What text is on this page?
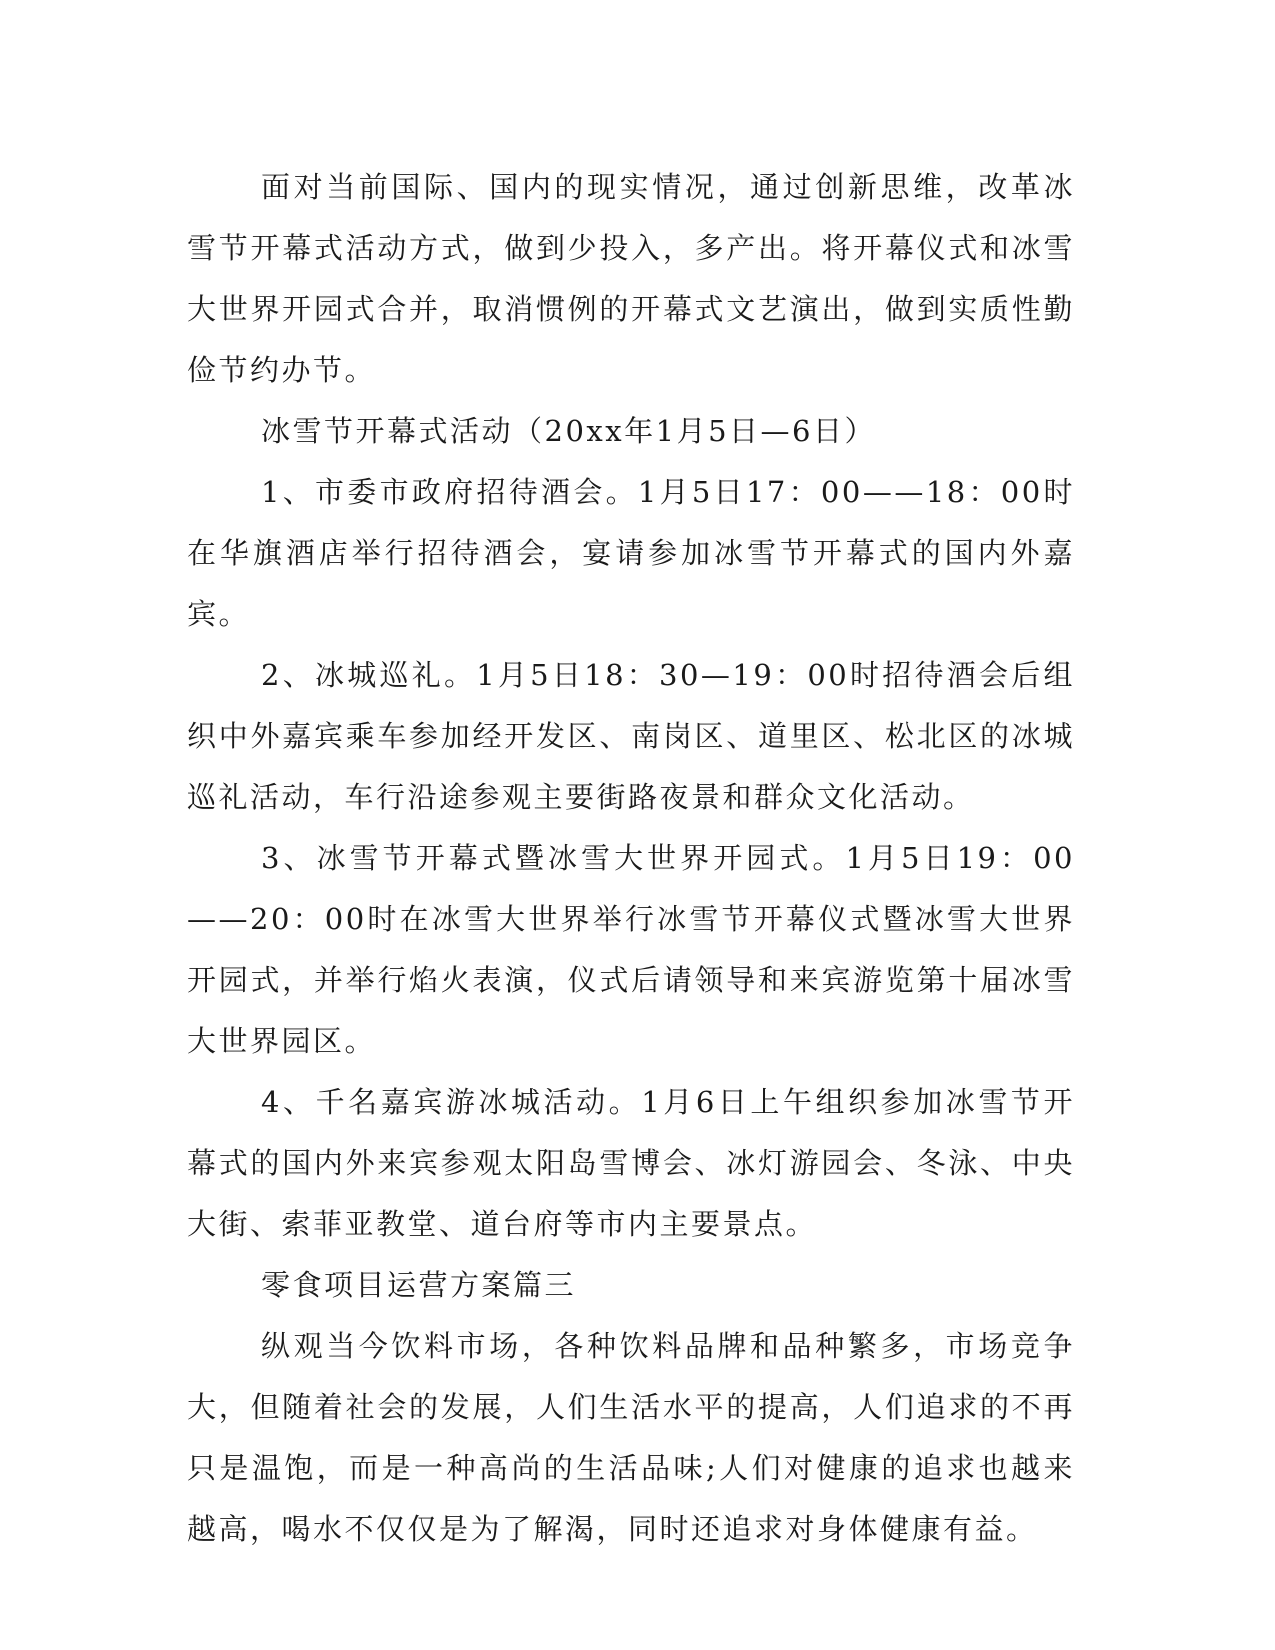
面对当前国际、国内的现实情况，通过创新思维，改革冰雪节开幕式活动方式，做到少投入，多产出。将开幕仪式和冰雪大世界开园式合并，取消惯例的开幕式文艺演出，做到实质性勤俭节约办节。

冰雪节开幕式活动（20xx年1月5日—6日）

1、市委市政府招待酒会。1月5日17：00——18：00时在华旗酒店举行招待酒会，宴请参加冰雪节开幕式的国内外嘉宾。

2、冰城巡礼。1月5日18：30—19：00时招待酒会后组织中外嘉宾乘车参加经开发区、南岗区、道里区、松北区的冰城巡礼活动，车行沿途参观主要街路夜景和群众文化活动。

3、冰雪节开幕式暨冰雪大世界开园式。1月5日19：00——20：00时在冰雪大世界举行冰雪节开幕仪式暨冰雪大世界开园式，并举行焰火表演，仪式后请领导和来宾游览第十届冰雪大世界园区。

4、千名嘉宾游冰城活动。1月6日上午组织参加冰雪节开幕式的国内外来宾参观太阳岛雪博会、冰灯游园会、冬泳、中央大街、索菲亚教堂、道台府等市内主要景点。

零食项目运营方案篇三

纵观当今饮料市场，各种饮料品牌和品种繁多，市场竞争大，但随着社会的发展，人们生活水平的提高，人们追求的不再只是温饱，而是一种高尚的生活品味;人们对健康的追求也越来越高，喝水不仅仅是为了解渴，同时还追求对身体健康有益。
